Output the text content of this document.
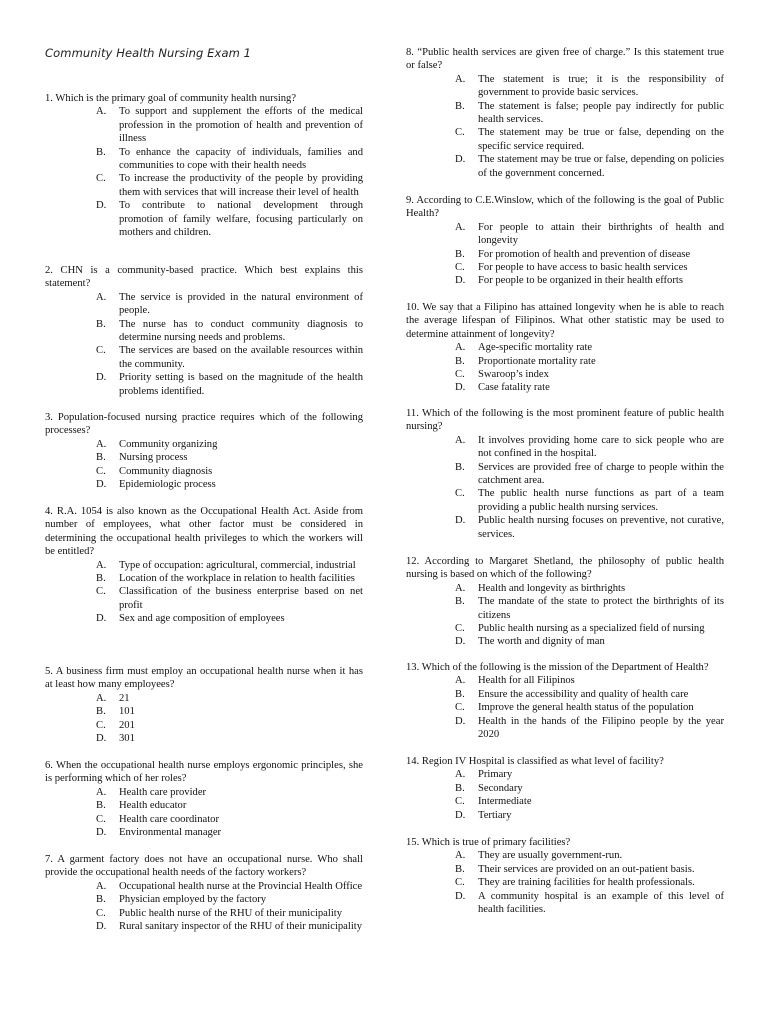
Community Health Nursing Exam 1
1. Which is the primary goal of community health nursing?
A.	To support and supplement the efforts of the medical profession in the promotion of health and prevention of illness
B.	To enhance the capacity of individuals, families and communities to cope with their health needs
C.	To increase the productivity of the people by providing them with services that will increase their level of health
D.	To contribute to national development through promotion of family welfare, focusing particularly on mothers and children.
2. CHN is a community-based practice. Which best explains this statement?
A.	The service is provided in the natural environment of people.
B.	The nurse has to conduct community diagnosis to determine nursing needs and problems.
C.	The services are based on the available resources within the community.
D.	Priority setting is based on the magnitude of the health problems identified.
3. Population-focused nursing practice requires which of the following processes?
A.	Community organizing
B.	Nursing process
C.	Community diagnosis
D.	Epidemiologic process
4. R.A. 1054 is also known as the Occupational Health Act. Aside from number of employees, what other factor must be considered in determining the occupational health privileges to which the workers will be entitled?
A.	Type of occupation: agricultural, commercial, industrial
B.	Location of the workplace in relation to health facilities
C.	Classification of the business enterprise based on net profit
D.	Sex and age composition of employees
5. A business firm must employ an occupational health nurse when it has at least how many employees?
A.	21
B.	101
C.	201
D.	301
6. When the occupational health nurse employs ergonomic principles, she is performing which of her roles?
A.	Health care provider
B.	Health educator
C.	Health care coordinator
D.	Environmental manager
7. A garment factory does not have an occupational nurse. Who shall provide the occupational health needs of the factory workers?
A.	Occupational health nurse at the Provincial Health Office
B.	Physician employed by the factory
C.	Public health nurse of the RHU of their municipality
D.	Rural sanitary inspector of the RHU of their municipality
8. “Public health services are given free of charge.” Is this statement true or false?
A.	The statement is true; it is the responsibility of government to provide basic services.
B.	The statement is false; people pay indirectly for public health services.
C.	The statement may be true or false, depending on the specific service required.
D.	The statement may be true or false, depending on policies of the government concerned.
9. According to C.E.Winslow, which of the following is the goal of Public Health?
A.	For people to attain their birthrights of health and longevity
B.	For promotion of health and prevention of disease
C.	For people to have access to basic health services
D.	For people to be organized in their health efforts
10. We say that a Filipino has attained longevity when he is able to reach the average lifespan of Filipinos. What other statistic may be used to determine attainment of longevity?
A.	Age-specific mortality rate
B.	Proportionate mortality rate
C.	Swaroop’s index
D.	Case fatality rate
11. Which of the following is the most prominent feature of public health nursing?
A.	It involves providing home care to sick people who are not confined in the hospital.
B.	Services are provided free of charge to people within the catchment area.
C.	The public health nurse functions as part of a team providing a public health nursing services.
D.	Public health nursing focuses on preventive, not curative, services.
12. According to Margaret Shetland, the philosophy of public health nursing is based on which of the following?
A.	Health and longevity as birthrights
B.	The mandate of the state to protect the birthrights of its citizens
C.	Public health nursing as a specialized field of nursing
D.	The worth and dignity of man
13. Which of the following is the mission of the Department of Health?
A.	Health for all Filipinos
B.	Ensure the accessibility and quality of health care
C.	Improve the general health status of the population
D.	Health in the hands of the Filipino people by the year 2020
14. Region IV Hospital is classified as what level of facility?
A.	Primary
B.	Secondary
C.	Intermediate
D.	Tertiary
15. Which is true of primary facilities?
A.	They are usually government-run.
B.	Their services are provided on an out-patient basis.
C.	They are training facilities for health professionals.
D.	A community hospital is an example of this level of health facilities.
